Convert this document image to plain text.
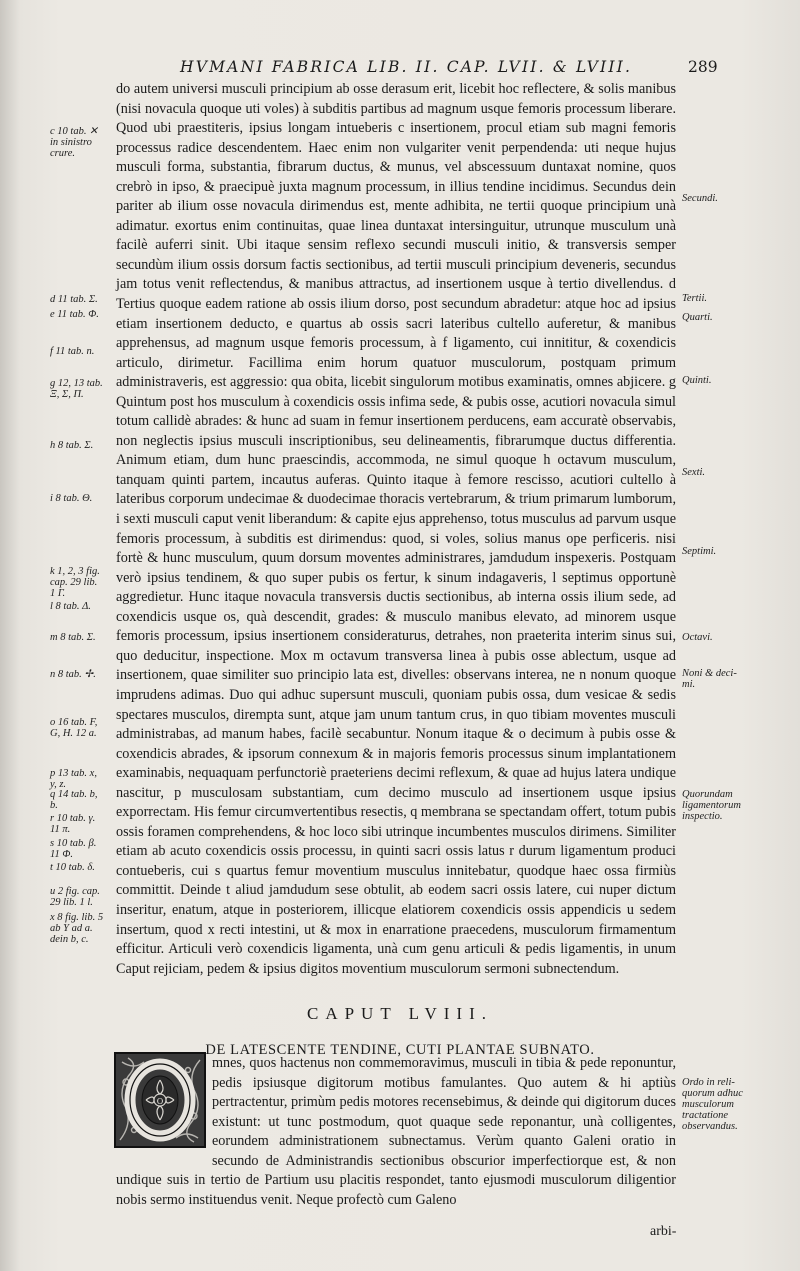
HVMANI FABRICA LIB. II. CAP. LVII. & LVIII.	289

do autem universi musculi principium ab osse derasum erit, licebit hoc reflectere, & solis manibus (nisi novacula quoque uti voles) à subditis partibus ad magnum usque femoris processum liberare. Quod ubi praestiteris, ipsius longam intueberis c insertionem, procul etiam sub magni femoris processus radice descendentem. Haec enim non vulgariter venit perpendenda: uti neque hujus musculi forma, substantia, fibrarum ductus, & munus, vel abscessuum duntaxat nomine, quos crebrò in ipso, & praecipuè juxta magnum processum, in illius tendine incidimus. Secundus dein pariter ab ilium osse novacula dirimendus est, mente adhibita, ne tertii quoque principium unà adimatur. exortus enim continuitas, quae linea duntaxat intersinguitur, utrunque musculum unà facilè auferri sinit. Ubi itaque sensim reflexo secundi musculi initio, & transversis semper secundùm ilium ossis dorsum factis sectionibus, ad tertii musculi principium deveneris, secundus jam totus venit reflectendus, & manibus attractus, ad insertionem usque à tertio divellendus. d Tertius quoque eadem ratione ab ossis ilium dorso, post secundum abradetur: atque hoc ad ipsius etiam insertionem deducto, e quartus ab ossis sacri lateribus cultello auferetur, & manibus apprehensus, ad magnum usque femoris processum, à f ligamento, cui innititur, & coxendicis articulo, dirimetur. Facillima enim horum quatuor musculorum, postquam primum administraveris, est aggressio: qua obita, licebit singulorum motibus examinatis, omnes abjicere. g Quintum post hos musculum à coxendicis ossis infima sede, & pubis osse, acutiori novacula simul totum callidè abrades: & hunc ad suam in femur insertionem perducens, eam accuratè observabis, non neglectis ipsius musculi inscriptionibus, seu delineamentis, fibrarumque ductus differentia. Animum etiam, dum hunc praescindis, accommoda, ne simul quoque h octavum musculum, tanquam quinti partem, incautus auferas. Quinto itaque à femore rescisso, acutiori cultello à lateribus corporum undecimae & duodecimae thoracis vertebrarum, & trium primarum lumborum, i sexti musculi caput venit liberandum: & capite ejus apprehenso, totus musculus ad parvum usque femoris processum, à subditis est dirimendus: quod, si voles, solius manus ope perficeris. nisi fortè & hunc musculum, quum dorsum moventes administrares, jamdudum inspexeris. Postquam verò ipsius tendinem, & quo super pubis os fertur, k sinum indagaveris, l septimus opportunè aggredietur. Hunc itaque novacula transversis ductis sectionibus, ab interna ossis ilium sede, ad coxendicis usque os, quà descendit, grades: & musculo manibus elevato, ad minorem usque femoris processum, ipsius insertionem consideraturus, detrahes, non praeterita interim sinus sui, quo deducitur, inspectione. Mox m octavum transversa linea à pubis osse ablectum, usque ad insertionem, quae similiter suo principio lata est, divelles: observans interea, ne n nonum quoque imprudens adimas. Duo qui adhuc supersunt musculi, quoniam pubis ossa, dum vesicae & sedis spectares musculos, dirempta sunt, atque jam unum tantum crus, in quo tibiam moventes musculi administrabas, ad manum habes, facilè secabuntur. Nonum itaque & o decimum à pubis osse & coxendicis abrades, & ipsorum connexum & in majoris femoris processus sinum implantationem examinabis, nequaquam perfunctoriè praeteriens decimi reflexum, & quae ad hujus latera undique nascitur, p musculosam substantiam, cum decimo musculo ad insertionem usque ipsius exporrectam. His femur circumvertentibus resectis, q membrana se spectandam offert, totum pubis ossis foramen comprehendens, & hoc loco sibi utrinque incumbentes musculos dirimens. Similiter etiam ab acuto coxendicis ossis processu, in quinti sacri ossis latus r durum ligamentum produci contueberis, cui s quartus femur moventium musculus innitebatur, quodque haec ossa firmiùs committit. Deinde t aliud jamdudum sese obtulit, ab eodem sacri ossis latere, cui nuper dictum inseritur, enatum, atque in posteriorem, illicque elatiorem coxendicis ossis appendicis u sedem insertum, quod x recti intestini, ut & mox in enarratione praecedens, musculorum firmamentum efficitur. Articuli verò coxendicis ligamenta, unà cum genu articuli & pedis ligamentis, in unum Caput rejiciam, pedem & ipsius digitos moventium musculorum sermoni subnectendum.

c 10 tab. ✕
in sinistro
crure.
d 11 tab. Σ.
e 11 tab. Φ.
f 11 tab. n.
g 12, 13 tab.
Ξ, Σ, Π.
h 8 tab. Σ.
i 8 tab. Θ.
k 1, 2, 3 fig.
cap. 29 lib.
1 Γ.
l 8 tab. Δ.
m 8 tab. Σ.
n 8 tab. ✢.
o 16 tab. F,
G, H. 12 a.
p 13 tab. x,
y, z.
q 14 tab. b,
b.
r 10 tab. γ.
11 π.
s 10 tab. β.
11 Φ.
t 10 tab. δ.
u 2 fig. cap.
29 lib. 1 l.
x 8 fig. lib. 5
ab Y ad a.
dein b, c.
Secundi.
Tertii.
Quarti.
Quinti.
Sexti.
Septimi.
Octavi.
Noni & deci-
mi.
Quorundam
ligamentorum
inspectio.
Ordo in reli-
quorum adhuc
musculorum
tractatione
observandus.
CAPUT LVIII.
DE LATESCENTE TENDINE, CUTI PLANTAE SUBNATO.
O
mnes, quos hactenus non commemoravimus, musculi in tibia & pede reponuntur, pedis ipsiusque digitorum motibus famulantes. Quo autem & hi aptiùs pertractentur, primùm pedis motores recensebimus, & deinde qui digitorum duces existunt: ut tunc postmodum, quot quaque sede reponantur, unà colligentes, eorundem administrationem subnectamus. Verùm quanto Galeni oratio in secundo de Administrandis sectionibus obscurior imperfectiorque est, & non undique suis in tertio de Partium usu placitis respondet, tanto ejusmodi musculorum diligentior nobis sermo instituendus venit. Neque profectò cum Galeno
arbi-
